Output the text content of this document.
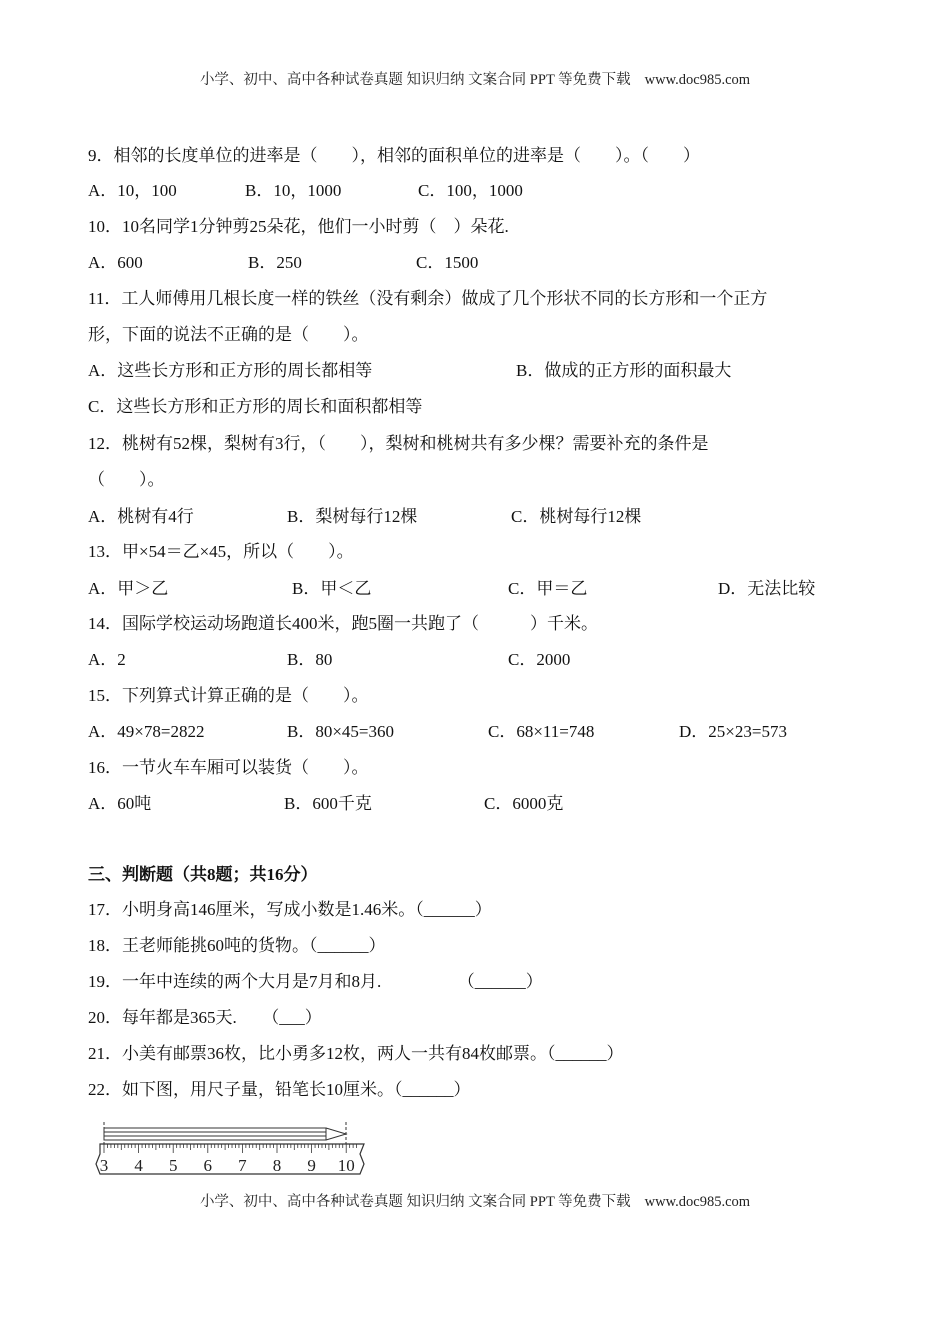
小学、初中、高中各种试卷真题 知识归纳 文案合同 PPT 等免费下载 www.doc985.com
9．相邻的长度单位的进率是（　　），相邻的面积单位的进率是（　　）。（　　）
A．10，100	B．10，1000	C．100，1000
10．10名同学1分钟剪25朵花，他们一小时剪（　）朵花.
A．600	B．250	C．1500
11．工人师傅用几根长度一样的铁丝（没有剩余）做成了几个形状不同的长方形和一个正方
形，下面的说法不正确的是（　　）。
A．这些长方形和正方形的周长都相等	B．做成的正方形的面积最大
C．这些长方形和正方形的周长和面积都相等
12．桃树有52棵，梨树有3行，（　　），梨树和桃树共有多少棵？需要补充的条件是
（　　）。
A．桃树有4行	B．梨树每行12棵	C．桃树每行12棵
13．甲×54＝乙×45，所以（　　）。
A．甲＞乙	B．甲＜乙	C．甲＝乙	D．无法比较
14．国际学校运动场跑道长400米，跑5圈一共跑了（　　　）千米。
A．2	B．80	C．2000
15．下列算式计算正确的是（　　）。
A．49×78=2822	B．80×45=360	C．68×11=748	D．25×23=573
16．一节火车车厢可以装货（　　）。
A．60吨	B．600千克	C．6000克
三、判断题（共8题；共16分）
17．小明身高146厘米，写成小数是1.46米。（______）
18．王老师能挑60吨的货物。（______）
19．一年中连续的两个大月是7月和8月.　　　　　（______）
20．每年都是365天.　　（___）
21．小美有邮票36枚，比小勇多12枚，两人一共有84枚邮票。（______）
22．如下图，用尺子量，铅笔长10厘米。（______）
3 4 5 6 7 8 9 10
小学、初中、高中各种试卷真题 知识归纳 文案合同 PPT 等免费下载 www.doc985.com
